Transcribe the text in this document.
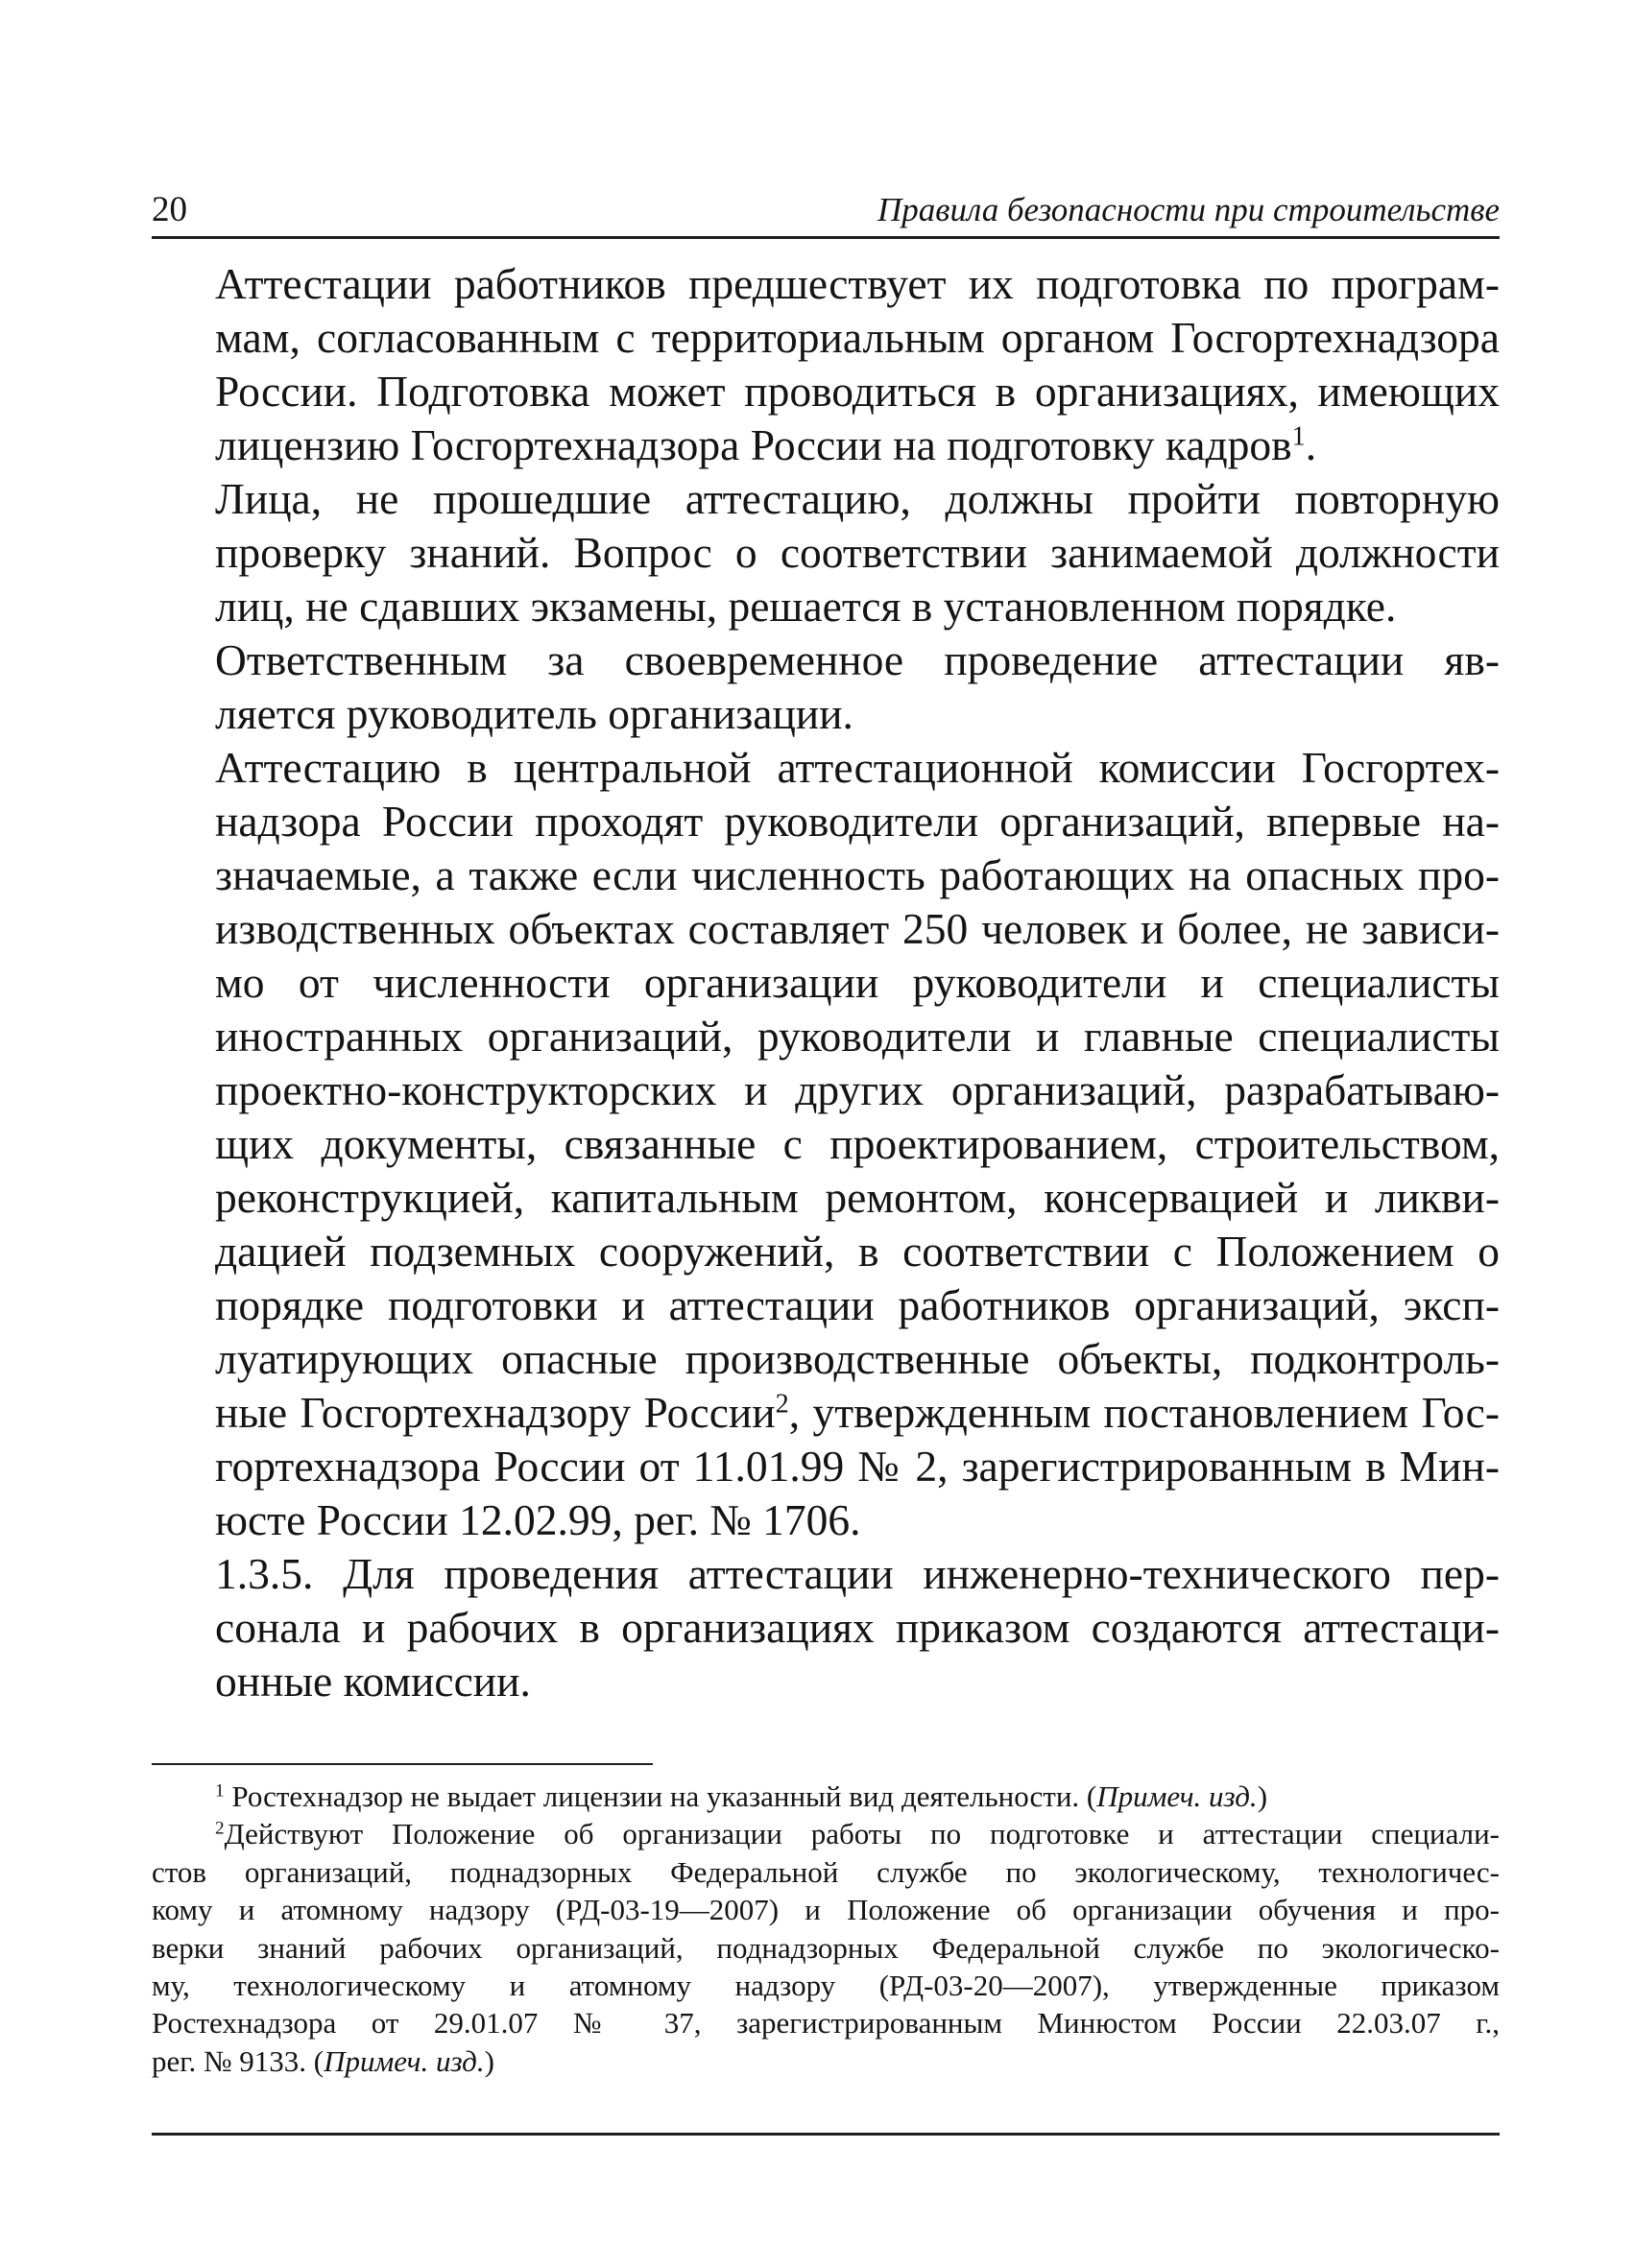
20	Правила безопасности при строительстве

Аттестации работников предшествует их подготовка по програм-
мам, согласованным с территориальным органом Госгортехнадзора
России. Подготовка может проводиться в организациях, имеющих
лицензию Госгортехнадзора России на подготовку кадров$^1$.

Лица, не прошедшие аттестацию, должны пройти повторную
проверку знаний. Вопрос о соответствии занимаемой должности
лиц, не сдавших экзамены, решается в установленном порядке.

Ответственным за своевременное проведение аттестации яв-
ляется руководитель организации.

Аттестацию в центральной аттестационной комиссии Госгортех-
надзора России проходят руководители организаций, впервые на-
значаемые, а также если численность работающих на опасных про-
изводственных объектах составляет 250 человек и более, не зависи-
мо от численности организации руководители и специалисты
иностранных организаций, руководители и главные специалисты
проектно-конструкторских и других организаций, разрабатываю-
щих документы, связанные с проектированием, строительством,
реконструкцией, капитальным ремонтом, консервацией и ликви-
дацией подземных сооружений, в соответствии с Положением о
порядке подготовки и аттестации работников организаций, эксп-
луатирующих опасные производственные объекты, подконтроль-
ные Госгортехнадзору России$^2$, утвержденным постановлением Гос-
гортехнадзора России от 11.01.99 № 2, зарегистрированным в Мин-
юсте России 12.02.99, рег. № 1706.

1.3.5. Для проведения аттестации инженерно-технического пер-
сонала и рабочих в организациях приказом создаются аттестаци-
онные комиссии.

$^1$ Ростехнадзор не выдает лицензии на указанный вид деятельности. (Примеч. изд.)

$^2$Действуют Положение об организации работы по подготовке и аттестации специали-
стов организаций, поднадзорных Федеральной службе по экологическому, технологичес-
кому и атомному надзору (РД-03-19—2007) и Положение об организации обучения и про-
верки знаний рабочих организаций, поднадзорных Федеральной службе по экологическо-
му, технологическому и атомному надзору (РД-03-20—2007), утвержденные приказом
Ростехнадзора от 29.01.07 № 37, зарегистрированным Минюстом России 22.03.07 г.,
рег. № 9133. (Примеч. изд.)
